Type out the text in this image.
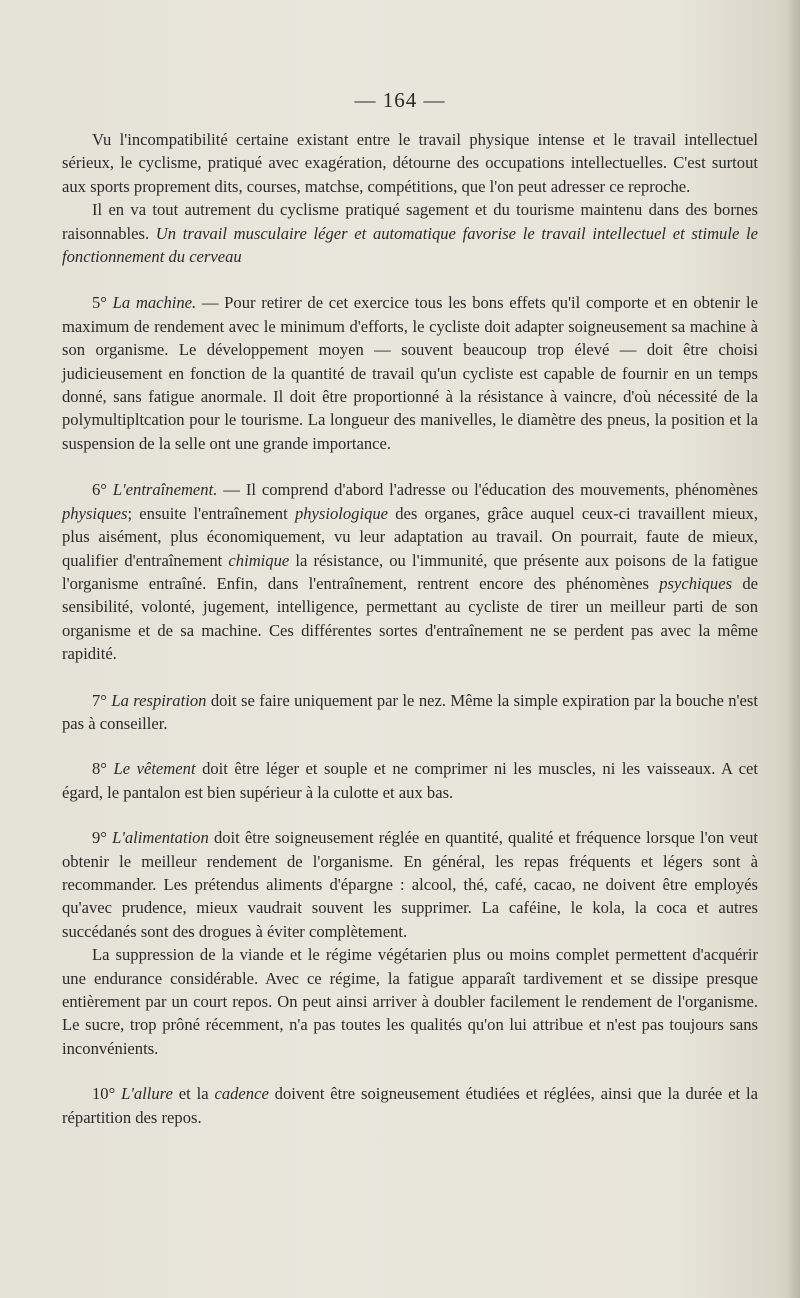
— 164 —

Vu l'incompatibilité certaine existant entre le travail physique intense et le travail intellectuel sérieux, le cyclisme, pratiqué avec exagération, détourne des occupations intellectuelles. C'est surtout aux sports proprement dits, courses, matchse, compétitions, que l'on peut adresser ce reproche.

Il en va tout autrement du cyclisme pratiqué sagement et du tourisme maintenu dans des bornes raisonnables. Un travail musculaire léger et automatique favorise le travail intellectuel et stimule le fonctionnement du cerveau

5° La machine. — Pour retirer de cet exercice tous les bons effets qu'il comporte et en obtenir le maximum de rendement avec le minimum d'efforts, le cycliste doit adapter soigneusement sa machine à son organisme. Le développement moyen — souvent beaucoup trop élevé — doit être choisi judicieusement en fonction de la quantité de travail qu'un cycliste est capable de fournir en un temps donné, sans fatigue anormale. Il doit être proportionné à la résistance à vaincre, d'où nécessité de la polymultipltcation pour le tourisme. La longueur des manivelles, le diamètre des pneus, la position et la suspension de la selle ont une grande importance.

6° L'entraînement. — Il comprend d'abord l'adresse ou l'éducation des mouvements, phénomènes physiques; ensuite l'entraînement physiologique des organes, grâce auquel ceux-ci travaillent mieux, plus aisément, plus économiquement, vu leur adaptation au travail. On pourrait, faute de mieux, qualifier d'entraînement chimique la résistance, ou l'immunité, que présente aux poisons de la fatigue l'organisme entraîné. Enfin, dans l'entraînement, rentrent encore des phénomènes psychiques de sensibilité, volonté, jugement, intelligence, permettant au cycliste de tirer un meilleur parti de son organisme et de sa machine. Ces différentes sortes d'entraînement ne se perdent pas avec la même rapidité.

7° La respiration doit se faire uniquement par le nez. Même la simple expiration par la bouche n'est pas à conseiller.

8° Le vêtement doit être léger et souple et ne comprimer ni les muscles, ni les vaisseaux. A cet égard, le pantalon est bien supérieur à la culotte et aux bas.

9° L'alimentation doit être soigneusement réglée en quantité, qualité et fréquence lorsque l'on veut obtenir le meilleur rendement de l'organisme. En général, les repas fréquents et légers sont à recommander. Les prétendus aliments d'épargne : alcool, thé, café, cacao, ne doivent être employés qu'avec prudence, mieux vaudrait souvent les supprimer. La caféine, le kola, la coca et autres succédanés sont des drogues à éviter complètement.

La suppression de la viande et le régime végétarien plus ou moins complet permettent d'acquérir une endurance considérable. Avec ce régime, la fatigue apparaît tardivement et se dissipe presque entièrement par un court repos. On peut ainsi arriver à doubler facilement le rendement de l'organisme. Le sucre, trop prôné récemment, n'a pas toutes les qualités qu'on lui attribue et n'est pas toujours sans inconvénients.

10° L'allure et la cadence doivent être soigneusement étudiées et réglées, ainsi que la durée et la répartition des repos.
